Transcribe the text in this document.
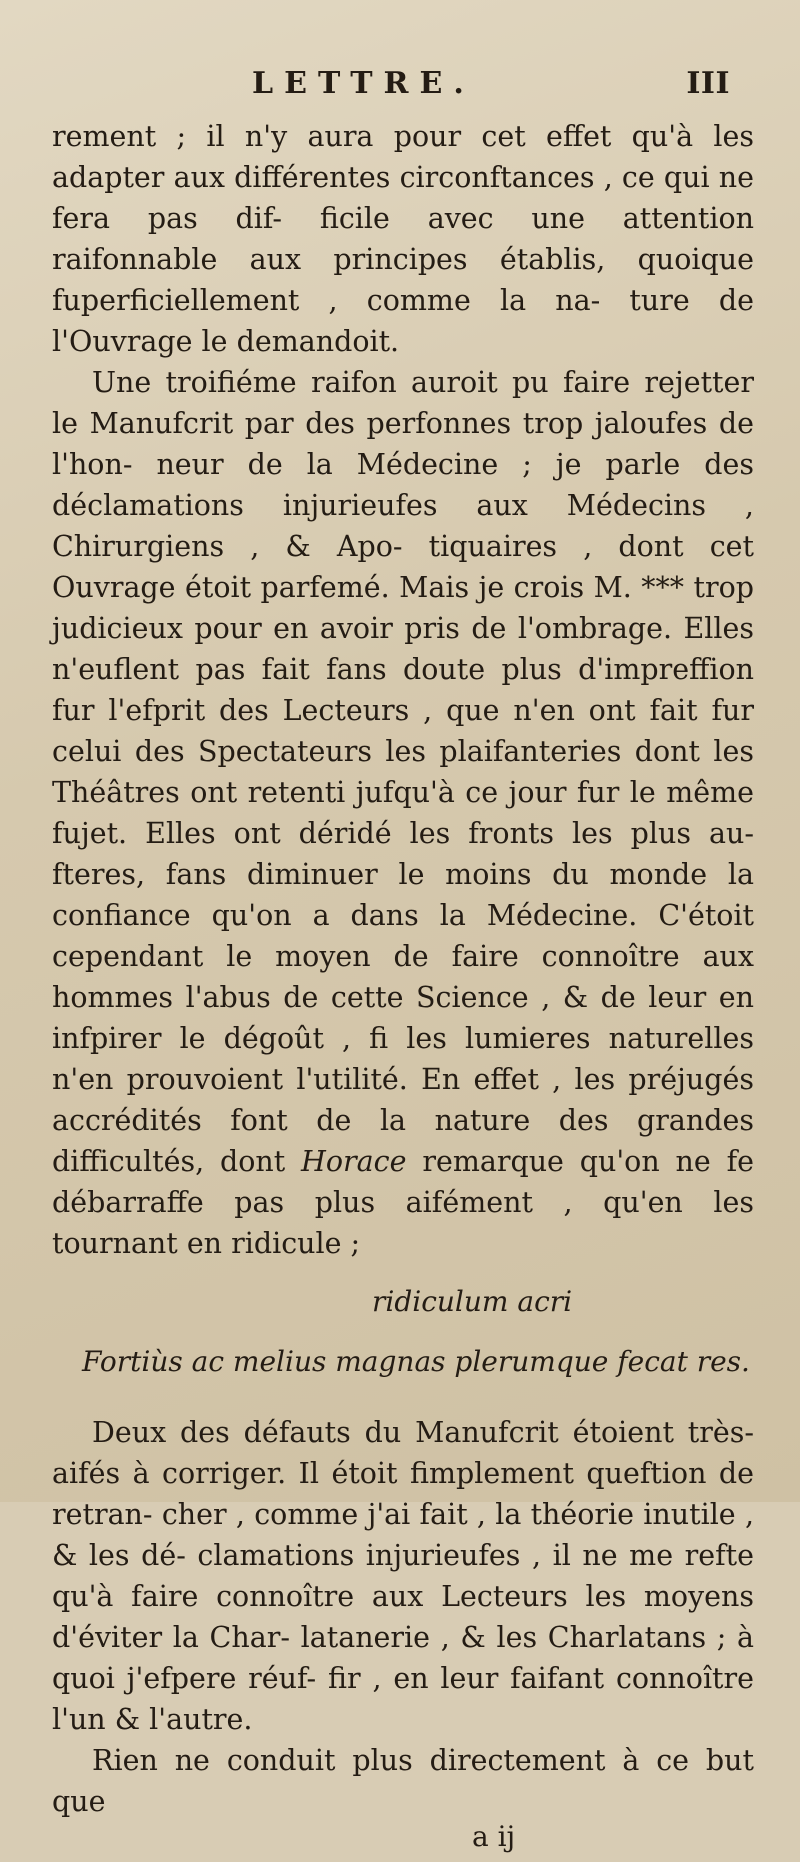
LETTRE.	III

rement ; il n'y aura pour cet effet qu'à les adapter aux différentes circonftances , ce qui ne fera pas dif- ficile avec une attention raifonnable aux principes établis, quoique fuperficiellement , comme la na- ture de l'Ouvrage le demandoit.

Une troifiéme raifon auroit pu faire rejetter le Manufcrit par des perfonnes trop jaloufes de l'hon- neur de la Médecine ; je parle des déclamations injurieufes aux Médecins , Chirurgiens , & Apo- tiquaires , dont cet Ouvrage étoit parfemé. Mais je crois M. *** trop judicieux pour en avoir pris de l'ombrage. Elles n'euflent pas fait fans doute plus d'impreffion fur l'efprit des Lecteurs , que n'en ont fait fur celui des Spectateurs les plaifanteries dont les Théâtres ont retenti jufqu'à ce jour fur le même fujet. Elles ont déridé les fronts les plus au- fteres, fans diminuer le moins du monde la confiance qu'on a dans la Médecine. C'étoit cependant le moyen de faire connoître aux hommes l'abus de cette Science , & de leur en infpirer le dégoût , fi les lumieres naturelles n'en prouvoient l'utilité. En effet , les préjugés accrédités font de la nature des grandes difficultés, dont Horace remarque qu'on ne fe débarraffe pas plus aifément , qu'en les tournant en ridicule ;

ridiculum acri
Fortiùs ac melius magnas plerumque fecat res.

Deux des défauts du Manufcrit étoient très-aifés à corriger. Il étoit fimplement queftion de retran- cher , comme j'ai fait , la théorie inutile , & les dé- clamations injurieufes , il ne me refte qu'à faire connoître aux Lecteurs les moyens d'éviter la Char- latanerie , & les Charlatans ; à quoi j'efpere réuf- fir , en leur faifant connoître l'un & l'autre.

Rien ne conduit plus directement à ce but que

a ij
